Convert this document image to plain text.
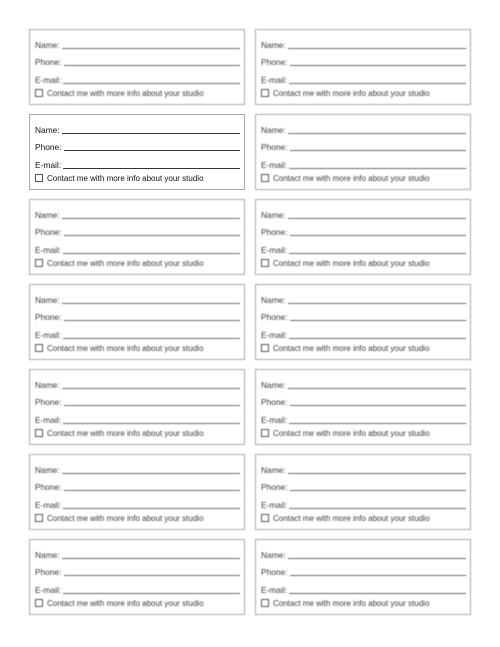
Name:
Phone:
E-mail:
Contact me with more info about your studio
Name:
Phone:
E-mail:
Contact me with more info about your studio
Name:
Phone:
E-mail:
Contact me with more info about your studio
Name:
Phone:
E-mail:
Contact me with more info about your studio
Name:
Phone:
E-mail:
Contact me with more info about your studio
Name:
Phone:
E-mail:
Contact me with more info about your studio
Name:
Phone:
E-mail:
Contact me with more info about your studio
Name:
Phone:
E-mail:
Contact me with more info about your studio
Name:
Phone:
E-mail:
Contact me with more info about your studio
Name:
Phone:
E-mail:
Contact me with more info about your studio
Name:
Phone:
E-mail:
Contact me with more info about your studio
Name:
Phone:
E-mail:
Contact me with more info about your studio
Name:
Phone:
E-mail:
Contact me with more info about your studio
Name:
Phone:
E-mail:
Contact me with more info about your studio
